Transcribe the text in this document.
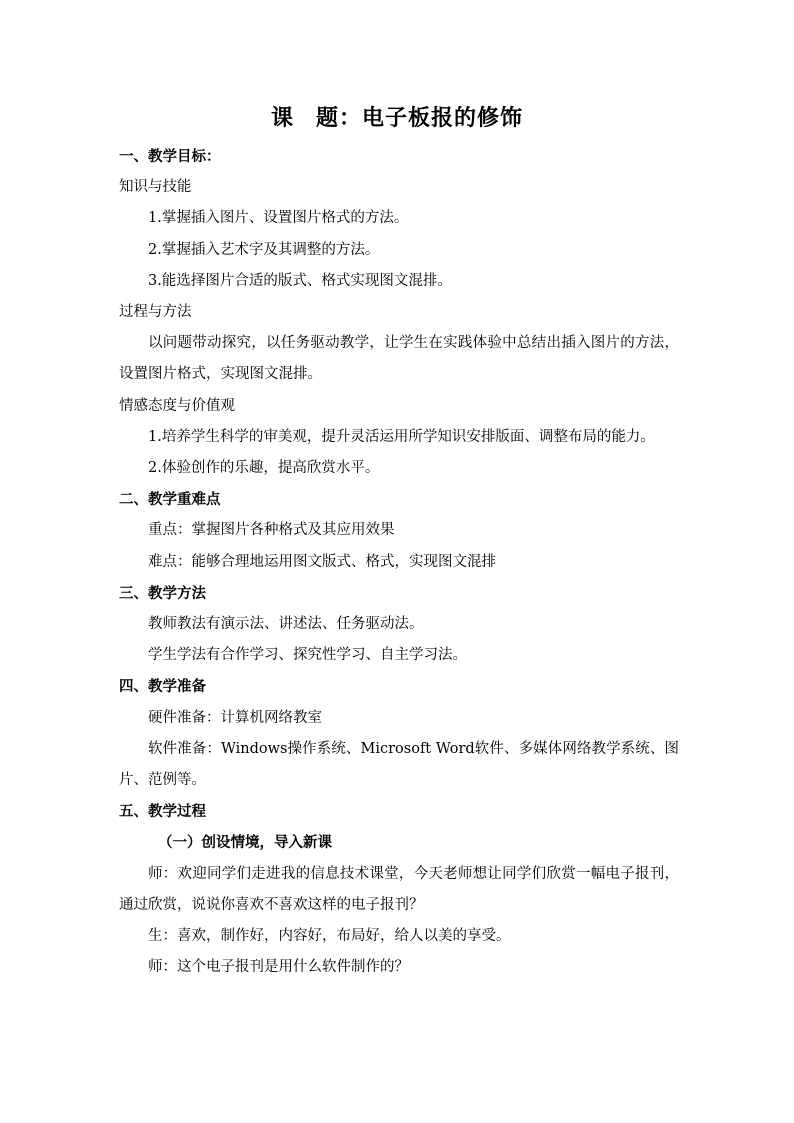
课 题：电子板报的修饰
一、教学目标：
知识与技能
1.掌握插入图片、设置图片格式的方法。
2.掌握插入艺术字及其调整的方法。
3.能选择图片合适的版式、格式实现图文混排。
过程与方法
以问题带动探究，以任务驱动教学，让学生在实践体验中总结出插入图片的方法，设置图片格式，实现图文混排。
情感态度与价值观
1.培养学生科学的审美观，提升灵活运用所学知识安排版面、调整布局的能力。
2.体验创作的乐趣，提高欣赏水平。
二、教学重难点
重点：掌握图片各种格式及其应用效果
难点：能够合理地运用图文版式、格式，实现图文混排
三、教学方法
教师教法有演示法、讲述法、任务驱动法。
学生学法有合作学习、探究性学习、自主学习法。
四、教学准备
硬件准备：计算机网络教室
软件准备：Windows操作系统、Microsoft Word软件、多媒体网络教学系统、图片、范例等。
五、教学过程
（一）创设情境，导入新课
师：欢迎同学们走进我的信息技术课堂，今天老师想让同学们欣赏一幅电子报刊，通过欣赏，说说你喜欢不喜欢这样的电子报刊？
生：喜欢，制作好，内容好，布局好，给人以美的享受。
师：这个电子报刊是用什么软件制作的？
